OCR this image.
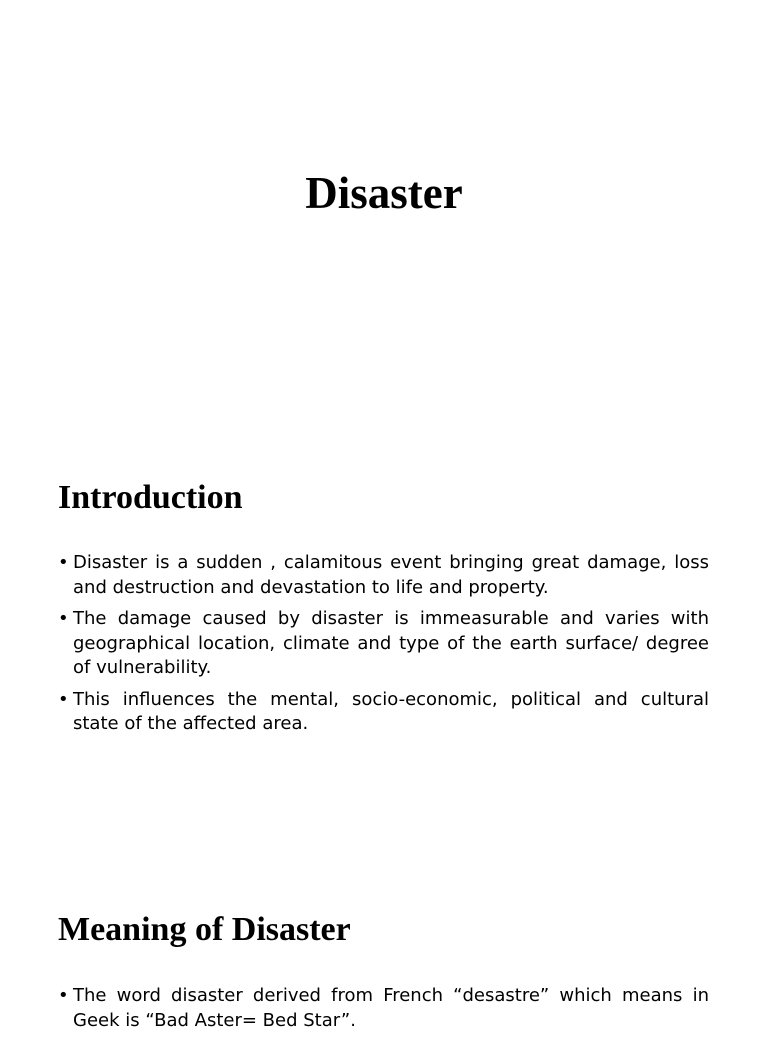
Disaster
Introduction
• Disaster is a sudden , calamitous event bringing great damage, loss and destruction and devastation to life and property.
• The damage caused by disaster is immeasurable and varies with geographical location, climate and type of the earth surface/ degree of vulnerability.
• This influences the mental, socio-economic, political and cultural state of the affected area.
Meaning of Disaster
• The word disaster derived from French “desastre” which means in Geek is “Bad Aster= Bed Star”.
